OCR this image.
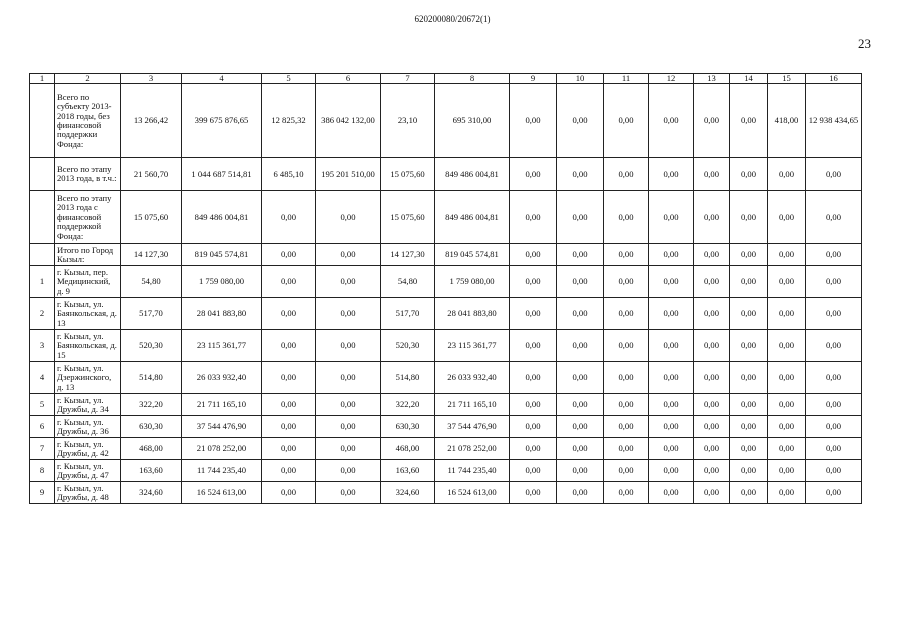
620200080/20672(1)
23
1	2	3	4	5	6	7	8	9	10	11	12	13	14	15	16
	Всего по субъекту 2013-2018 годы, без финансовой поддержки Фонда:	13 266,42	399 675 876,65	12 825,32	386 042 132,00	23,10	695 310,00	0,00	0,00	0,00	0,00	0,00	0,00	418,00	12 938 434,65
	Всего по этапу 2013 года, в т.ч.:	21 560,70	1 044 687 514,81	6 485,10	195 201 510,00	15 075,60	849 486 004,81	0,00	0,00	0,00	0,00	0,00	0,00	0,00	0,00
	Всего по этапу 2013 года с финансовой поддержкой Фонда:	15 075,60	849 486 004,81	0,00	0,00	15 075,60	849 486 004,81	0,00	0,00	0,00	0,00	0,00	0,00	0,00	0,00
	Итого по Город Кызыл:	14 127,30	819 045 574,81	0,00	0,00	14 127,30	819 045 574,81	0,00	0,00	0,00	0,00	0,00	0,00	0,00	0,00
1	г. Кызыл, пер. Медицинский, д. 9	54,80	1 759 080,00	0,00	0,00	54,80	1 759 080,00	0,00	0,00	0,00	0,00	0,00	0,00	0,00	0,00
2	г. Кызыл, ул. Баянкольская, д. 13	517,70	28 041 883,80	0,00	0,00	517,70	28 041 883,80	0,00	0,00	0,00	0,00	0,00	0,00	0,00	0,00
3	г. Кызыл, ул. Баянкольская, д. 15	520,30	23 115 361,77	0,00	0,00	520,30	23 115 361,77	0,00	0,00	0,00	0,00	0,00	0,00	0,00	0,00
4	г. Кызыл, ул. Дзержинского, д. 13	514,80	26 033 932,40	0,00	0,00	514,80	26 033 932,40	0,00	0,00	0,00	0,00	0,00	0,00	0,00	0,00
5	г. Кызыл, ул. Дружбы, д. 34	322,20	21 711 165,10	0,00	0,00	322,20	21 711 165,10	0,00	0,00	0,00	0,00	0,00	0,00	0,00	0,00
6	г. Кызыл, ул. Дружбы, д. 36	630,30	37 544 476,90	0,00	0,00	630,30	37 544 476,90	0,00	0,00	0,00	0,00	0,00	0,00	0,00	0,00
7	г. Кызыл, ул. Дружбы, д. 42	468,00	21 078 252,00	0,00	0,00	468,00	21 078 252,00	0,00	0,00	0,00	0,00	0,00	0,00	0,00	0,00
8	г. Кызыл, ул. Дружбы, д. 47	163,60	11 744 235,40	0,00	0,00	163,60	11 744 235,40	0,00	0,00	0,00	0,00	0,00	0,00	0,00	0,00
9	г. Кызыл, ул. Дружбы, д. 48	324,60	16 524 613,00	0,00	0,00	324,60	16 524 613,00	0,00	0,00	0,00	0,00	0,00	0,00	0,00	0,00
